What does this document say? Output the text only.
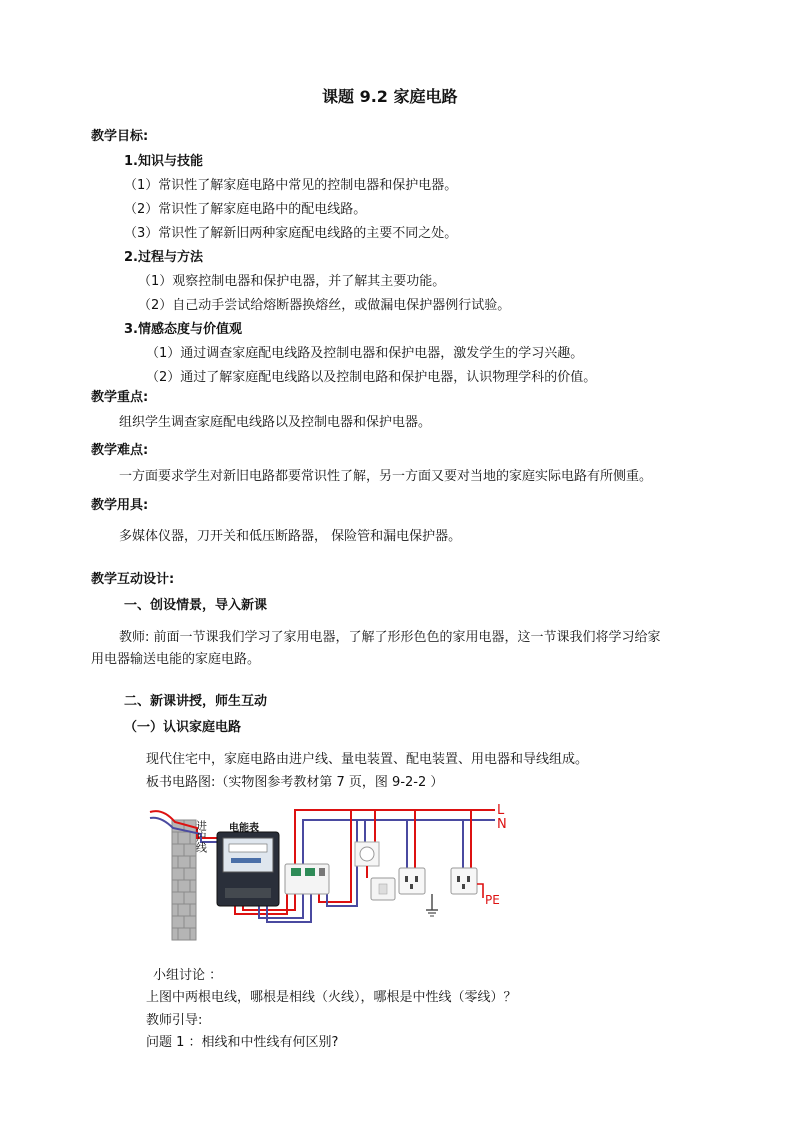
课题 9.2 家庭电路
教学目标:
1.知识与技能
（1）常识性了解家庭电路中常见的控制电器和保护电器。
（2）常识性了解家庭电路中的配电线路。
（3）常识性了解新旧两种家庭配电线路的主要不同之处。
2.过程与方法
（1）观察控制电器和保护电器，并了解其主要功能。
（2）自己动手尝试给熔断器换熔丝，或做漏电保护器例行试验。
3.情感态度与价值观
（1）通过调查家庭配电线路及控制电器和保护电器，激发学生的学习兴趣。
（2）通过了解家庭配电线路以及控制电路和保护电器，认识物理学科的价值。
教学重点:
组织学生调查家庭配电线路以及控制电器和保护电器。
教学难点:
一方面要求学生对新旧电路都要常识性了解，另一方面又要对当地的家庭实际电路有所侧重。
教学用具:
多媒体仪器，刀开关和低压断路器， 保险管和漏电保护器。
教学互动设计:
一、创设情景，导入新课
教师: 前面一节课我们学习了家用电器，了解了形形色色的家用电器，这一节课我们将学习给家
用电器输送电能的家庭电路。
二、新课讲授，师生互动
（一）认识家庭电路
现代住宅中，家庭电路由进户线、量电装置、配电装置、用电器和导线组成。
板书电路图:（实物图参考教材第 7 页，图 9-2-2 ）
进户线 电能表
L
N
PE
小组讨论 ：
上图中两根电线，哪根是相线（火线），哪根是中性线（零线）？
教师引导:
问题 1 ：相线和中性线有何区别?
